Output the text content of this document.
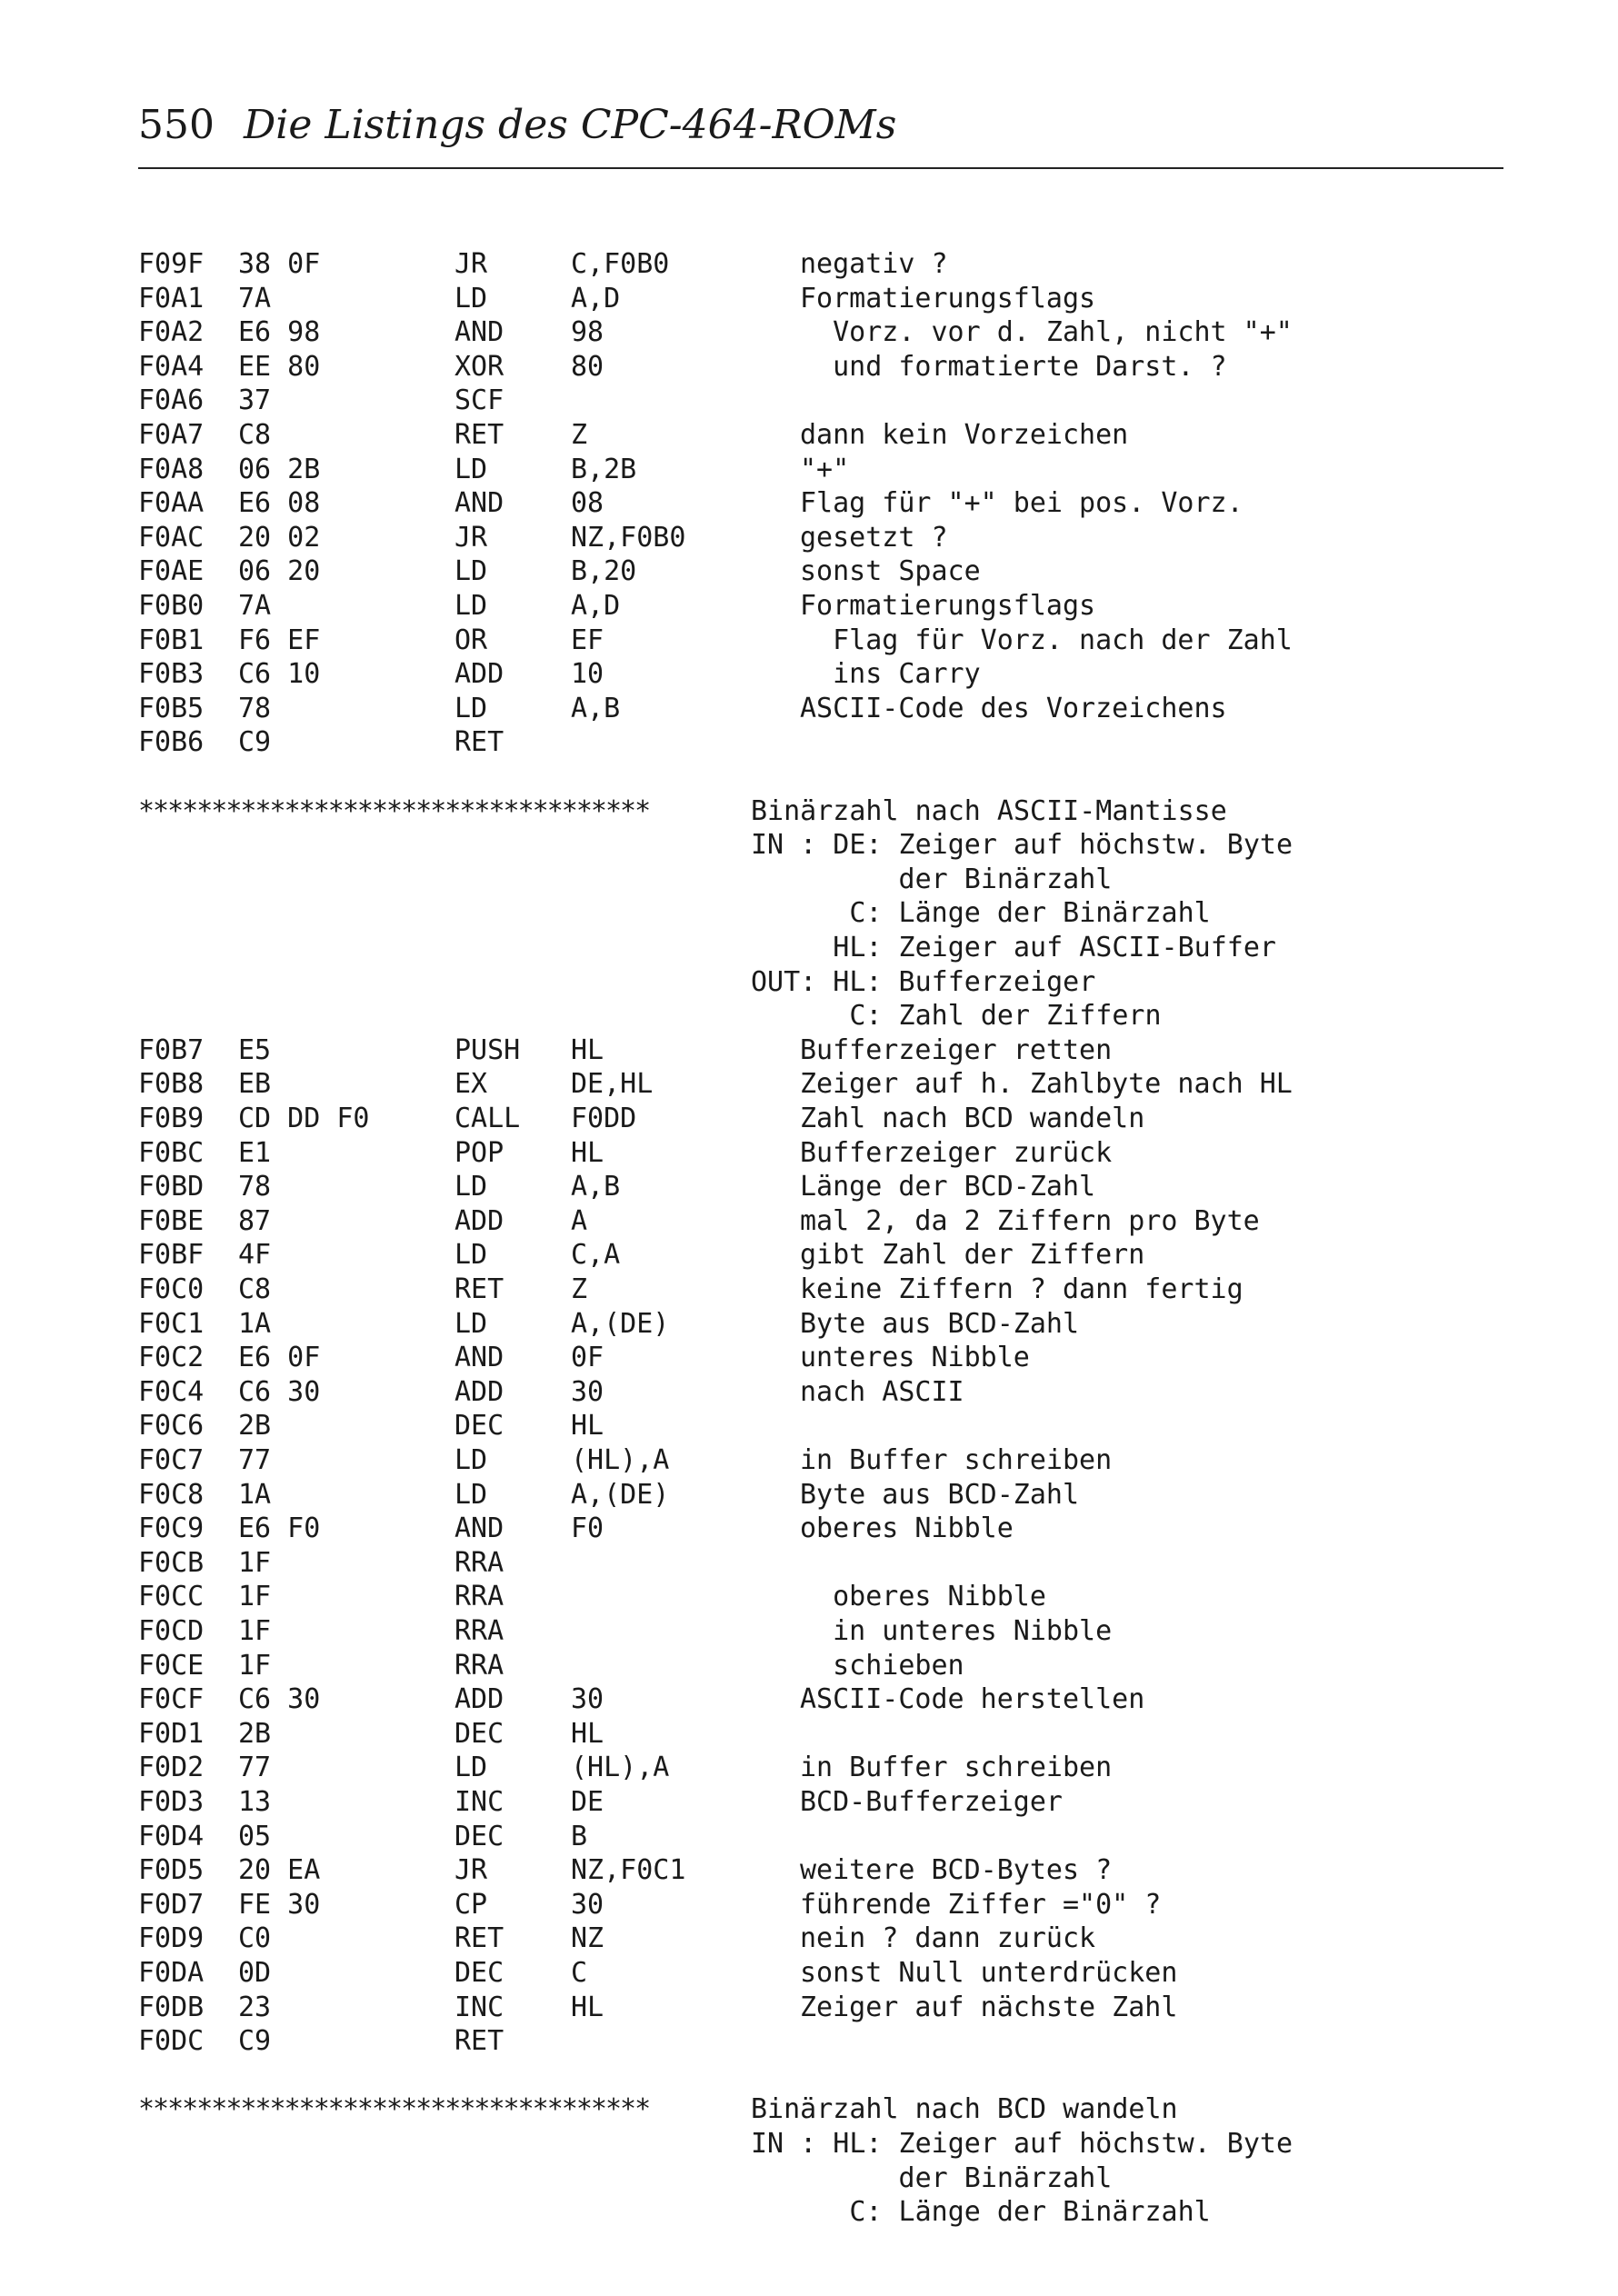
550 Die Listings des CPC-464-ROMs
F09F 38 0F	JR	C,F0B0	negativ ?
F0A1 7A	LD	A,D	Formatierungsflags
F0A2 E6 98	AND 98	Vorz. vor d. Zahl, nicht "+"
F0A4 EE 80	XOR 80	und formatierte Darst. ?
F0A6 37	SCF
F0A7 C8	RET Z	dann kein Vorzeichen
F0A8 06 2B	LD	B,2B	"+"
F0AA E6 08	AND 08	Flag für "+" bei pos. Vorz.
F0AC 20 02	JR	NZ,F0B0	gesetzt ?
F0AE 06 20	LD	B,20	sonst Space
F0B0 7A	LD	A,D	Formatierungsflags
F0B1 F6 EF	OR	EF	Flag für Vorz. nach der Zahl
F0B3 C6 10	ADD 10	ins Carry
F0B5 78	LD	A,B	ASCII-Code des Vorzeichens
F0B6 C9	RET
***********************************	Binärzahl nach ASCII-Mantisse
IN : DE: Zeiger auf höchstw. Byte
der Binärzahl
C: Länge der Binärzahl
HL: Zeiger auf ASCII-Buffer
OUT: HL: Bufferzeiger
C: Zahl der Ziffern
F0B7 E5	PUSH HL	Bufferzeiger retten
F0B8 EB	EX	DE,HL	Zeiger auf h. Zahlbyte nach HL
F0B9 CD DD F0	CALL F0DD	Zahl nach BCD wandeln
F0BC E1	POP HL	Bufferzeiger zurück
F0BD 78	LD	A,B	Länge der BCD-Zahl
F0BE 87	ADD A	mal 2, da 2 Ziffern pro Byte
F0BF 4F	LD	C,A	gibt Zahl der Ziffern
F0C0 C8	RET Z	keine Ziffern ? dann fertig
F0C1 1A	LD	A,(DE)	Byte aus BCD-Zahl
F0C2 E6 0F	AND 0F	unteres Nibble
F0C4 C6 30	ADD 30	nach ASCII
F0C6 2B	DEC HL
F0C7 77	LD	(HL),A	in Buffer schreiben
F0C8 1A	LD	A,(DE)	Byte aus BCD-Zahl
F0C9 E6 F0	AND F0	oberes Nibble
F0CB 1F	RRA
F0CC 1F	RRA	oberes Nibble
F0CD 1F	RRA	in unteres Nibble
F0CE 1F	RRA	schieben
F0CF C6 30	ADD 30	ASCII-Code herstellen
F0D1 2B	DEC HL
F0D2 77	LD	(HL),A	in Buffer schreiben
F0D3 13	INC DE	BCD-Bufferzeiger
F0D4 05	DEC B
F0D5 20 EA	JR	NZ,F0C1	weitere BCD-Bytes ?
F0D7 FE 30	CP	30	führende Ziffer ="0" ?
F0D9 C0	RET NZ	nein ? dann zurück
F0DA 0D	DEC C	sonst Null unterdrücken
F0DB 23	INC HL	Zeiger auf nächste Zahl
F0DC C9	RET
***********************************	Binärzahl nach BCD wandeln
IN : HL: Zeiger auf höchstw. Byte
der Binärzahl
C: Länge der Binärzahl
